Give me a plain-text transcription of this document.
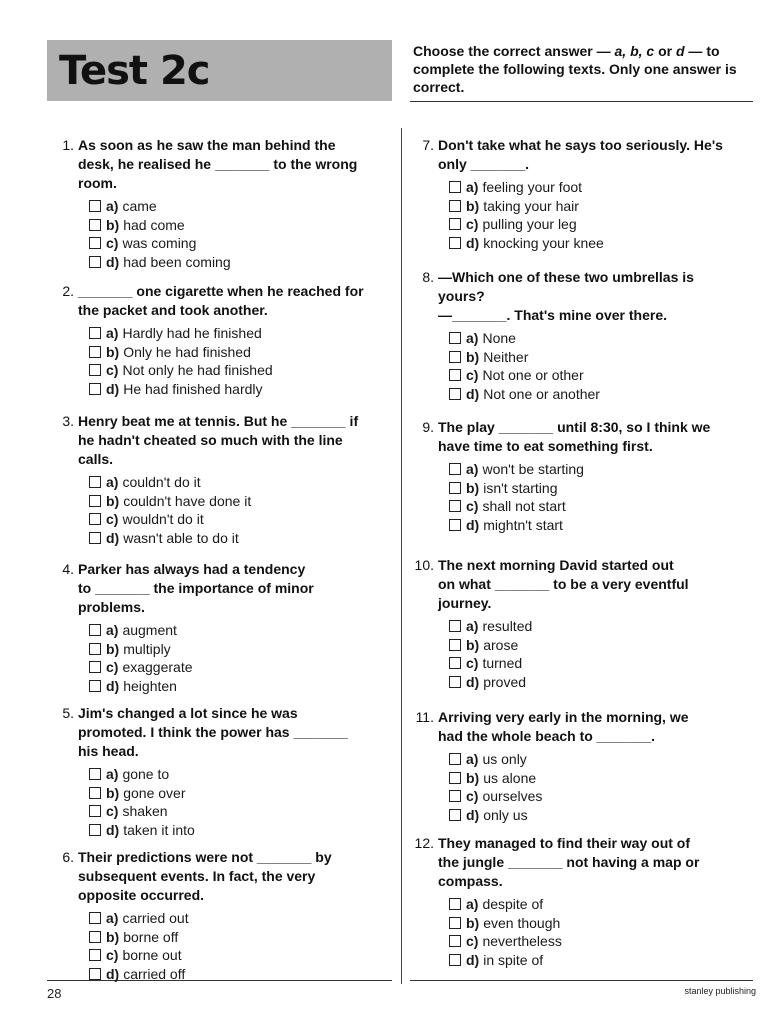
Test 2c	Choose the correct answer — a, b, c or d — to complete the following texts. Only one answer is correct.
1. As soon as he saw the man behind the
desk, he realised he _______ to the wrong
room.
a) came
b) had come
c) was coming
d) had been coming
2. _______ one cigarette when he reached for
the packet and took another.
a) Hardly had he finished
b) Only he had finished
c) Not only he had finished
d) He had finished hardly
3. Henry beat me at tennis. But he _______ if
he hadn't cheated so much with the line
calls.
a) couldn't do it
b) couldn't have done it
c) wouldn't do it
d) wasn't able to do it
4. Parker has always had a tendency
to _______ the importance of minor
problems.
a) augment
b) multiply
c) exaggerate
d) heighten
5. Jim's changed a lot since he was
promoted. I think the power has _______
his head.
a) gone to
b) gone over
c) shaken
d) taken it into
6. Their predictions were not _______ by
subsequent events. In fact, the very
opposite occurred.
a) carried out
b) borne off
c) borne out
d) carried off
7. Don't take what he says too seriously. He's
only _______.
a) feeling your foot
b) taking your hair
c) pulling your leg
d) knocking your knee
8. —Which one of these two umbrellas is
yours?
—_______. That's mine over there.
a) None
b) Neither
c) Not one or other
d) Not one or another
9. The play _______ until 8:30, so I think we
have time to eat something first.
a) won't be starting
b) isn't starting
c) shall not start
d) mightn't start
10. The next morning David started out
on what _______ to be a very eventful
journey.
a) resulted
b) arose
c) turned
d) proved
11. Arriving very early in the morning, we
had the whole beach to _______.
a) us only
b) us alone
c) ourselves
d) only us
12. They managed to find their way out of
the jungle _______ not having a map or
compass.
a) despite of
b) even though
c) nevertheless
d) in spite of
28	stanley publishing
